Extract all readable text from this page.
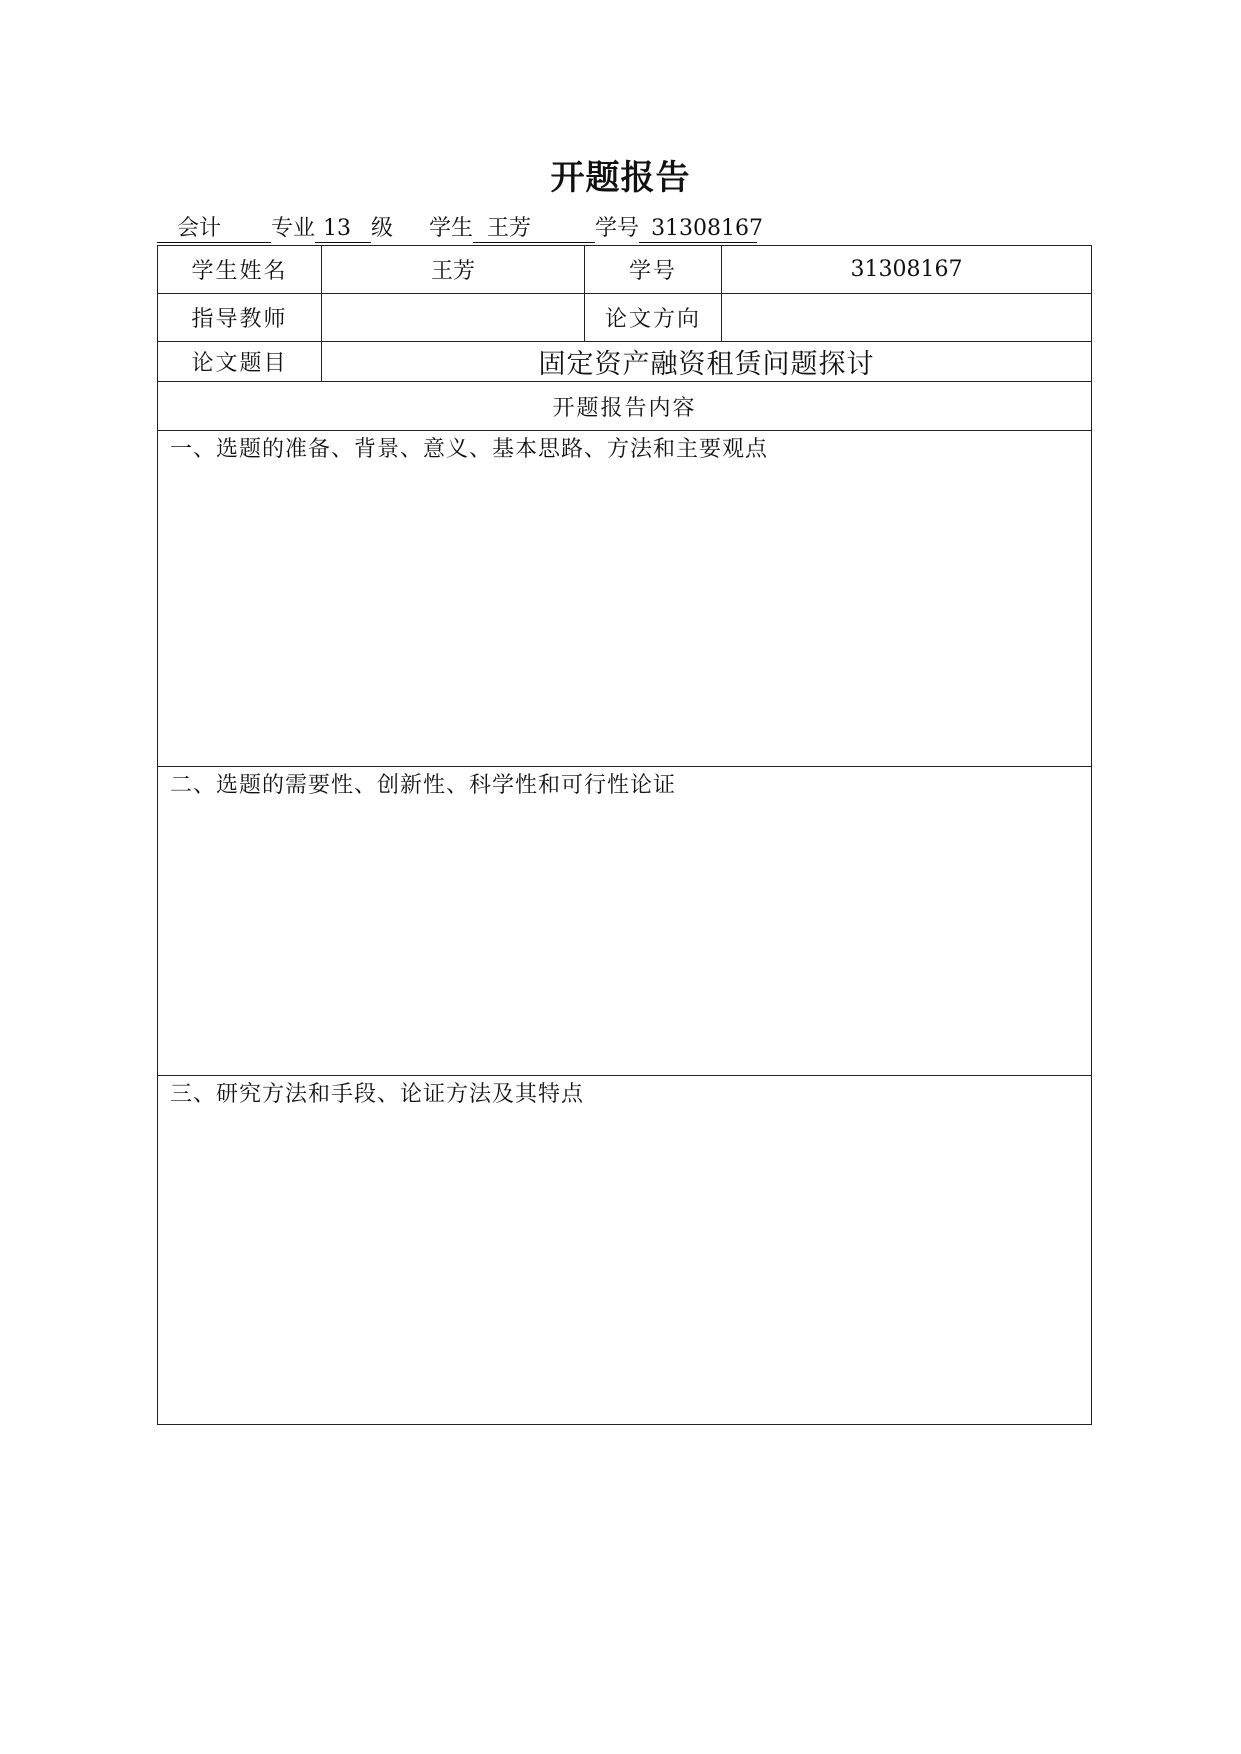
开题报告
会计 专业 13 级 学生 王芳	学号 31308167
学生姓名	王芳	学号	31308167
指导教师		论文方向	
论文题目	固定资产融资租赁问题探讨		
开题报告内容			

一、选题的准备、背景、意义、基本思路、方法和主要观点			

二、选题的需要性、创新性、科学性和可行性论证			

三、研究方法和手段、论证方法及其特点			
